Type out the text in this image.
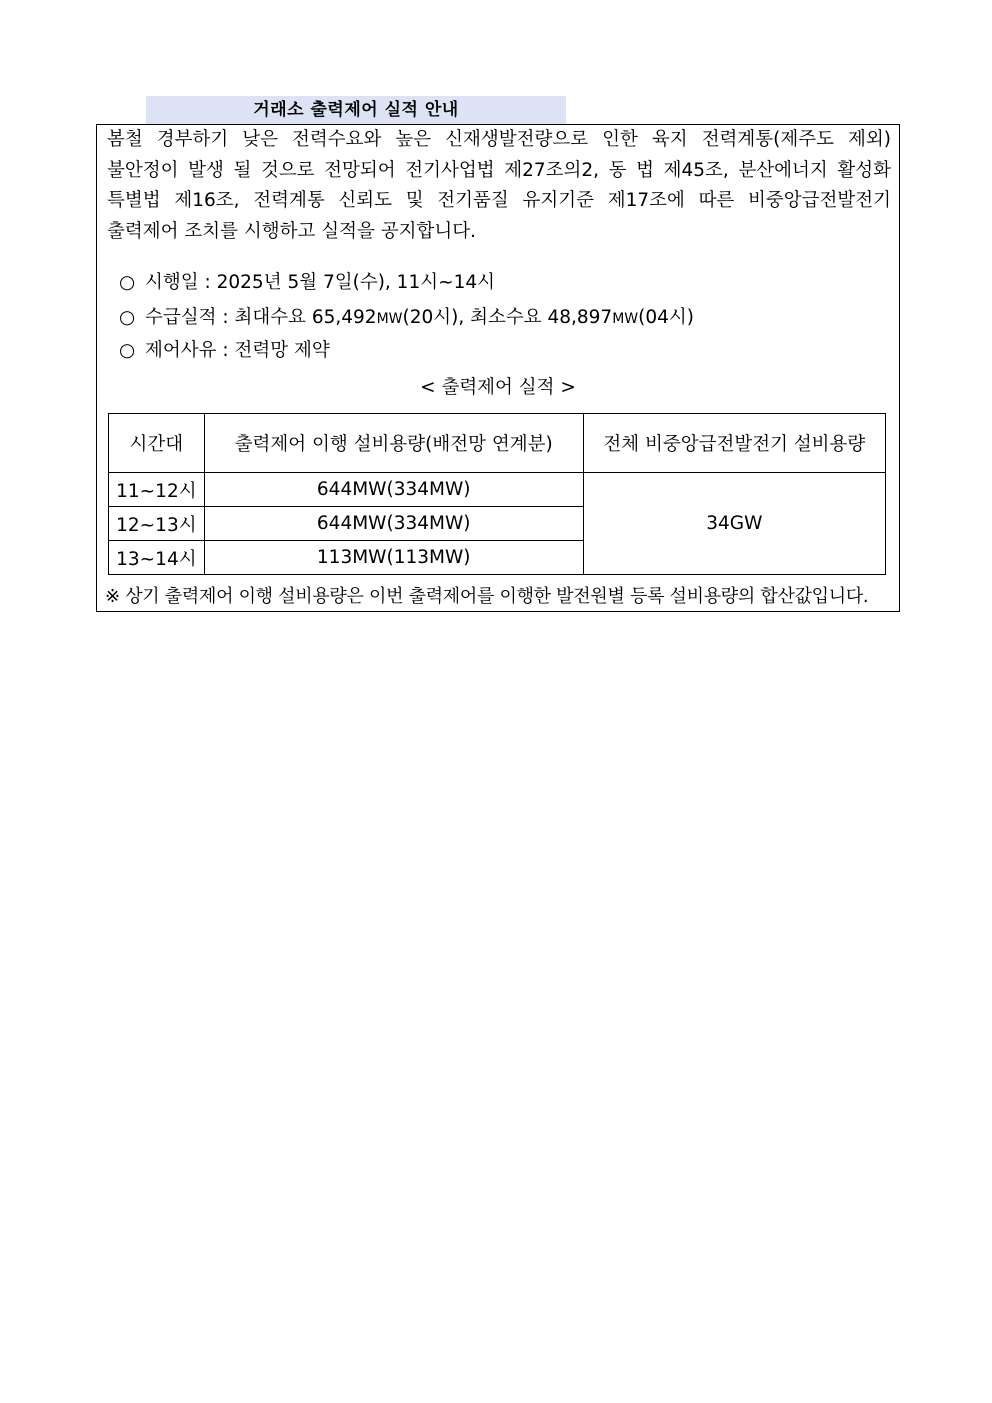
거래소 출력제어 실적 안내
봄철 경부하기 낮은 전력수요와 높은 신재생발전량으로 인한 육지 전력계통(제주도 제외) 불안정이 발생 될 것으로 전망되어 전기사업법 제27조의2, 동 법 제45조, 분산에너지 활성화 특별법 제16조, 전력계통 신뢰도 및 전기품질 유지기준 제17조에 따른 비중앙급전발전기 출력제어 조치를 시행하고 실적을 공지합니다.
○ 시행일 : 2025년 5월 7일(수), 11시~14시
○ 수급실적 : 최대수요 65,492MW(20시), 최소수요 48,897MW(04시)
○ 제어사유 : 전력망 제약
< 출력제어 실적 >
시간대	출력제어 이행 설비용량(배전망 연계분)	전체 비중앙급전발전기 설비용량
11~12시	644MW(334MW)	34GW
12~13시	644MW(334MW)	
13~14시	113MW(113MW)	
※ 상기 출력제어 이행 설비용량은 이번 출력제어를 이행한 발전원별 등록 설비용량의 합산값입니다.
